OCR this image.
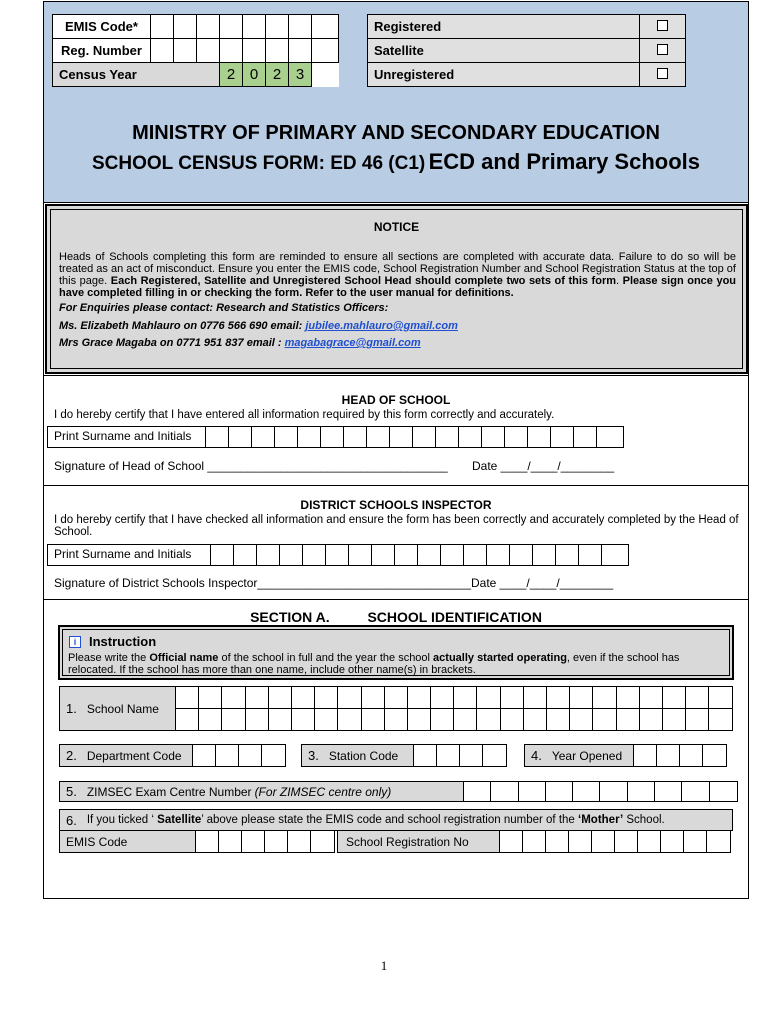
EMIS Code*								
Reg. Number								
Census Year				2	0	2	3	
Registered	
Satellite	
Unregistered	
MINISTRY OF PRIMARY AND SECONDARY EDUCATION
SCHOOL CENSUS FORM: ED 46 (C1) ECD and Primary Schools
NOTICE

Heads of Schools completing this form are reminded to ensure all sections are completed with accurate data. Failure to do so will be treated as an act of misconduct. Ensure you enter the EMIS code, School Registration Number and School Registration Status at the top of this page. Each Registered, Satellite and Unregistered School Head should complete two sets of this form. Please sign once you have completed filling in or checking the form. Refer to the user manual for definitions.

For Enquiries please contact: Research and Statistics Officers:
Ms. Elizabeth Mahlauro on 0776 566 690 email: jubilee.mahlauro@gmail.com
Mrs Grace Magaba on 0771 951 837 email : magabagrace@gmail.com
HEAD OF SCHOOL
I do hereby certify that I have entered all information required by this form correctly and accurately.
Print Surname and Initials
Signature of Head of School ____________________________________ Date ____/____/________
DISTRICT SCHOOLS INSPECTOR
I do hereby certify that I have checked all information and ensure the form has been correctly and accurately completed by the Head of School.
Print Surname and Initials
Signature of District Schools Inspector________________________________ Date ____/____/________
SECTION A.	SCHOOL IDENTIFICATION
i Instruction

Please write the Official name of the school in full and the year the school actually started operating, even if the school has relocated. If the school has more than one name, include other name(s) in brackets.

1. School Name

2. Department Code	3. Station Code	4. Year Opened
5. ZIMSEC Exam Centre Number (For ZIMSEC centre only)
6. If you ticked ‘ Satellite’ above please state the EMIS code and school registration number of the ‘Mother’ School.
EMIS Code	School Registration No
1
